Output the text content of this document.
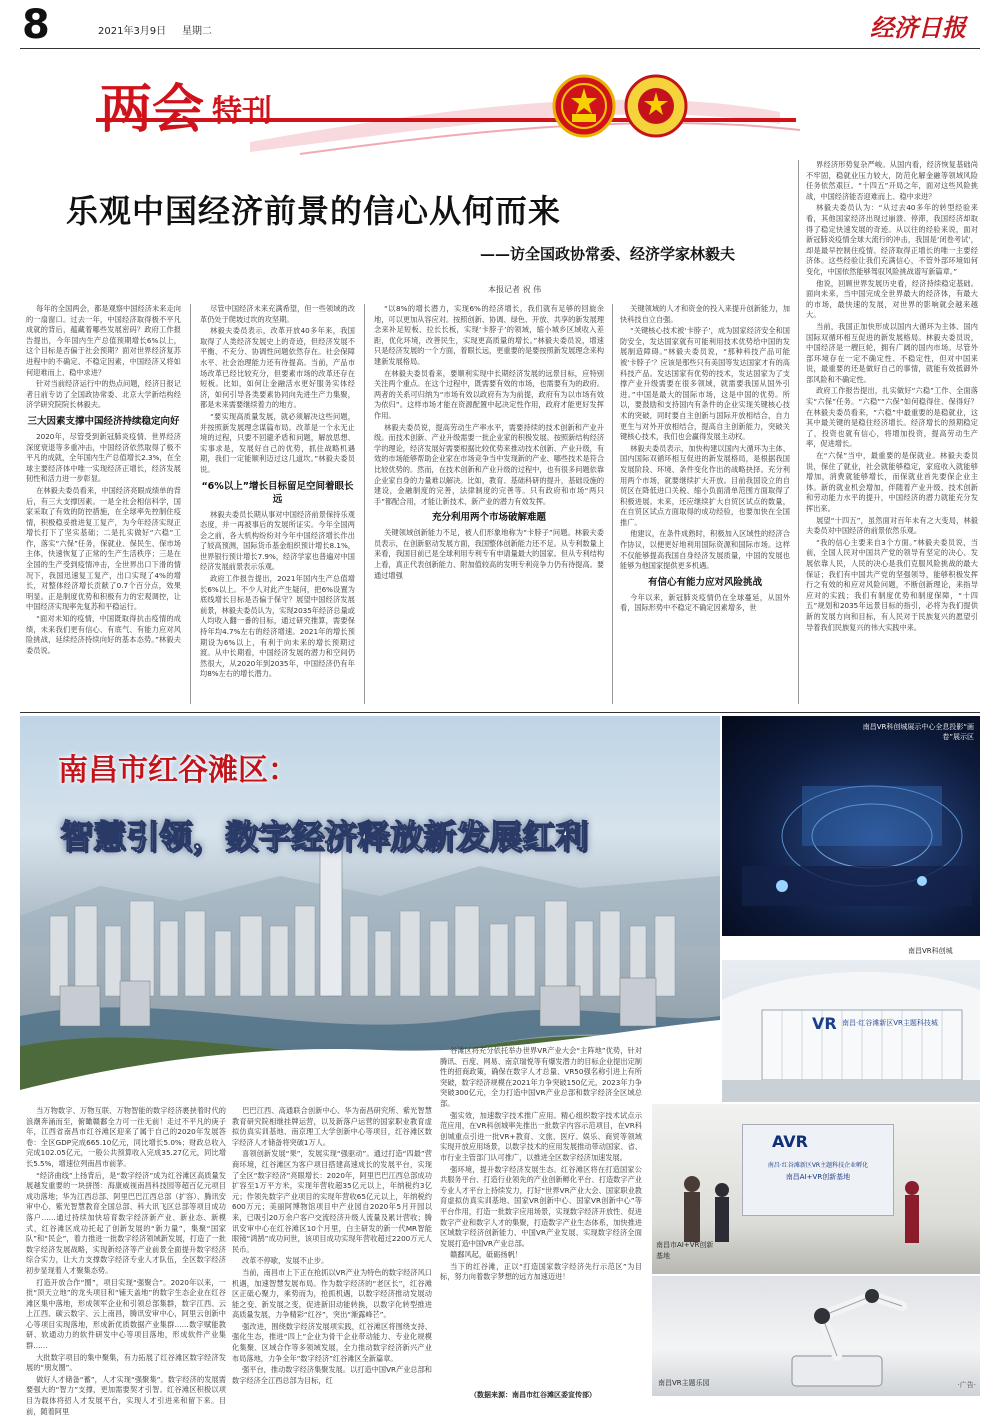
8	2021年3月9日 星期二	经济日报
两会 特刊
乐观中国经济前景的信心从何而来
——访全国政协常委、经济学家林毅夫
本报记者 祝 伟

每年的全国两会，都是观察中国经济未来走向的一扇窗口。过去一年，中国经济取得极不平凡成就的背后，蕴藏着哪些发展密码？政府工作报告提出，今年国内生产总值预期增长6%以上，这个目标是否偏于社会预期？面对世界经济复苏进程中的不确定、不稳定因素，中国经济又将如何迎难而上、稳中求进？

针对当前经济运行中的热点问题，经济日报记者日前专访了全国政协常委、北京大学新结构经济学研究院院长林毅夫。

三大因素支撑中国经济持续稳定向好

2020年，尽管受到新冠肺炎疫情、世界经济深度衰退等多重冲击，中国经济依然取得了极不平凡的成就，全年国内生产总值增长2.3%，在全球主要经济体中唯一实现经济正增长，经济发展韧性和活力进一步彰显。

在林毅夫委员看来，中国经济亮眼成绩单的背后，有三大支撑因素。一是全社会相信科学，国家采取了有效的防控措施，在全球率先控制住疫情，积极稳妥推进复工复产，为今年经济实现正增长打下了坚实基础；二是扎实做好“六稳”工作，落实“六保”任务，保就业、保民生、保市场主体，快速恢复了正常的生产生活秩序；三是在全国的生产受到疫情冲击，全世界出口下滑的情况下，我国迅速复工复产，出口实现了4%的增长，对整体经济增长贡献了0.7个百分点，效果明显。正是制度优势和积极有力的宏观调控，让中国经济实现率先复苏和平稳运行。

“面对未知的疫情，中国既取得抗击疫情的成绩，未来我们更有信心、有底气、有能力应对风险挑战，延续经济持续向好的基本态势。”林毅夫委员说。

尽管中国经济未来充满希望，但一些领域的改革仍处于爬坡过坎的攻坚期。

林毅夫委员表示，改革开放40多年来，我国取得了人类经济发展史上的奇迹，但经济发展不平衡、不充分、协调性问题依然存在。社会保障水平、社会治理能力还有待提高。当前，产品市场改革已经比较充分，但要素市场的改革还存在短板。比如，如何让金融活水更好服务实体经济，如何引导各类要素协同向先进生产力集聚，都是未来需要继续着力的地方。

“要实现高质量发展，就必须解决这些问题，并按照新发展理念谋篇布局。改革是一个永无止境的过程，只要不回避矛盾和问题，解放思想、实事求是，发展好自己的优势，抓住战略机遇期，我们一定能顺利迈过这几道坎。”林毅夫委员说。

“6%以上”增长目标留足空间着眼长远

林毅夫委员长期从事对中国经济前景保持乐观态度，并一再被事后的发展所证实。今年全国两会之前，各大机构纷纷对今年中国经济增长作出了较高预测，国际货币基金组织预计增长8.1%，世界银行预计增长7.9%，经济学家也普遍对中国经济发展前景表示乐观。

政府工作报告提出，2021年国内生产总值增长6%以上。不少人对此产生疑问，把6%设置为底线增长目标是否偏于保守？展望中国经济发展前景，林毅夫委员认为，实现2035年经济总量或人均收入翻一番的目标，通过研究推算，需要保持年均4.7%左右的经济增速。2021年的增长预期设为6%以上，有利于向未来的增长预期过渡。从中长期看，中国经济发展的潜力和空间仍然很大，从2020年到2035年，中国经济仍有年均8%左右的增长潜力。

“以8%的增长潜力，实现6%的经济增长，我们就有足够的回旋余地，可以更加从容应对。按照创新、协调、绿色、开放、共享的新发展理念来补足短板、拉长长板，实现‘卡脖子’的领域，缩小城乡区域收入差距，优化环境，改善民生，实现更高质量的增长。”林毅夫委员说，增速只是经济发展的一个方面，着眼长远，更重要的是要按照新发展理念来构建新发展格局。

在林毅夫委员看来，要顺利实现中长期经济发展的远景目标，应特别关注两个重点。在这个过程中，既需要有效的市场，也需要有为的政府。两者的关系可归纳为“市场有效以政府有为为前提，政府有为以市场有效为依归”。这样市场才能在资源配置中起决定性作用，政府才能更好发挥作用。

林毅夫委员说，提高劳动生产率水平，需要持续的技术创新和产业升级。而技术创新、产业升级需要一批企业家的积极发展。按照新结构经济学的理论，经济发展好需要根据比较优势来推动技术创新、产业升级，有效的市场能够帮助企业家在市场竞争当中发现新的产业、哪些技术是符合比较优势的。然而，在技术创新和产业升级的过程中，也有很多问题依靠企业家自身的力量难以解决。比如，教育、基础科研的提升，基础设施的建设，金融制度的完善，法律制度的完善等。只有政府和市场“两只手”都配合用，才能让新技术、新产业的潜力有效发挥。

充分利用两个市场破解难题

关键领域创新能力不足，被人们形象地称为“卡脖子”问题。林毅夫委员表示，在创新驱动发展方面，我国整体创新能力还不足。从专利数量上来看，我国目前已是全球利用专利专有申请量最大的国家。但从专利结构上看，真正代表创新能力、附加值较高的发明专利竞争力仍有待提高。要通过增强

关键领域的人才和资金的投入来提升创新能力，加快科技自立自强。

“关键核心技术被‘卡脖子’，成为国家经济安全和国防安全，发达国家就有可能利用技术优势给中国的发展制造障碍。”林毅夫委员说，“那种科技产品可能被‘卡脖子’？应该是那些只有美国等发达国家才有的高科技产品。发达国家有优势的技术，发达国家为了支撑产业升级需要在很多领域，就需要我国从国外引进。”中国是最大的国际市场，这是中国的优势。所以，要鼓励和支持国内有条件的企业实现关键核心技术的突破，同时要自主创新与国际开放相结合，自力更生与对外开放相结合，提高自主创新能力，突破关键核心技术，我们也会赢得发展主动权。

林毅夫委员表示，加快构建以国内大循环为主体、国内国际双循环相互促进的新发展格局，是根据我国发展阶段、环境、条件变化作出的战略抉择。充分利用两个市场，就要继续扩大开放。目前我国设立的自贸区在降低进口关税、缩小负面清单范围方面取得了积极进展。未来，还应继续扩大自贸区试点的数量，在自贸区试点方面取得的成功经验，也要加快在全国推广。

他建议，在条件成熟时，积极加入区域性的经济合作协议，以便更好地利用国际资源和国际市场。这样不仅能够提高我国自身经济发展质量，中国的发展也能够为他国家提供更多机遇。

有信心有能力应对风险挑战

今年以来，新冠肺炎疫情仍在全球蔓延，从国外看，国际形势中不稳定不确定因素增多，世

界经济形势复杂严峻。从国内看，经济恢复基础尚不牢固，稳就业压力较大，防范化解金融等领域风险任务依然艰巨。“十四五”开局之年，面对这些风险挑战，中国经济能否迎难而上、稳中求进？

林毅夫委员认为：“从过去40多年的转型经验来看，其他国家经济出现过崩溃、停滞，我国经济却取得了稳定快速发展的奇迹。从以往的经验来说，面对新冠肺炎疫情全球大流行的冲击，我国是‘闭卷考试’，却是最早控制住疫情、经济取得正增长的唯一主要经济体。这些经验让我们充满信心，不管外部环境如何变化，中国依然能够驾驭风险挑战谱写新篇章。”

他说，回顾世界发展历史看，经济持续稳定基础。面向未来，当中国完成全世界最大的经济体，有最大的市场，最快速的发展，对世界的影响就会越来越大。

当前，我国正加快形成以国内大循环为主体、国内国际双循环相互促进的新发展格局。林毅夫委员说，中国经济是一艘巨轮，拥有广阔的国内市场。尽管外部环境存在一定不确定性、不稳定性，但对中国来说，最重要的还是做好自己的事情，就能有效抵御外部风险和不确定性。

政府工作报告提出，扎实做好“六稳”工作、全面落实“六保”任务。“六稳”“六保”如何稳得住、保得好？在林毅夫委员看来，“六稳”中最重要的是稳就业，这其中最关键的是稳住经济增长。经济增长的预期稳定了，投资也就有信心，将增加投资，提高劳动生产率，促进增长。

在“六保”当中，最重要的是保就业。林毅夫委员说，保住了就业，社会就能够稳定，家庭收入就能够增加，消费就能够增长，而保就业首先要保企业主体。新的就业机会增加，伴随着产业升级、技术创新和劳动能力水平的提升，中国经济的潜力就能充分发挥出来。

展望“十四五”，虽然面对百年未有之大变局，林毅夫委员对中国经济的前景依然乐观。

“我的信心主要来自3个方面。”林毅夫委员说，当前，全国人民对中国共产党的领导有坚定的决心、发展依靠人民，人民的决心是我们克服风险挑战的最大保证；我们有中国共产党的坚强领导，能够积极发挥行之有效的和应对风险问题，不断创新理论，来指导应对的实践；我们有制度优势和制度保障，“十四五”规划和2035年远景目标的指引，必将为我们提供新的发展方向和目标，有人民对于民族复兴的愿望引导着我们民族复兴的伟大实践中来。

南昌市红谷滩区：
智慧引领，数字经济释放新发展红利
南昌VR科创城展示中心全息投影“画卷”展示区
南昌VR科创城
VR 南昌·红谷滩新区VR主题科技城
AVR
南昌·红谷滩新区VR主题科技企业孵化
南昌AI+VR创新基地
南昌市AI+VR创新基地
南昌VR主题乐园	·广告·

当万物数字、万物互联、万物智能的数字经济裹挟着时代的浪潮奔涌而至，俯瞰赣鄱全力可一往无前！走过不平凡的庚子年，江西省南昌市红谷滩区迎来了属于自己的2020年发展答卷：全区GDP完成665.10亿元，同比增长5.0%；财政总收入完成102.05亿元，一般公共预算收入完成35.27亿元，同比增长5.5%，增速位列南昌市前茅。

“经济曲线”上扬背后，是“数字经济”成为红谷滩区高质量发展越发重要的一块拼图：海康威视南昌科技园等超百亿元项目成功落地；华为江西总部、阿里巴巴江西总部（扩容）、腾讯安审中心、紫光智慧教育全国总部、科大讯飞区总部等项目成功落户……通过持续加快培育数字经济新产业、新业态、新模式，红谷滩区成功托起了创新发展的“新力量”，集聚“国家队”和“民企”，着力推进一批数字经济领域新发展，打造了一批数字经济发展战略，实现新经济等产业前景全面提升数字经济综合实力，让大力支撑数字经济专业人才队伍，全区数字经济初步显现着人才聚集态势。

打造开放合作“圈”，项目实现“强聚合”。2020年以来，一批“顶天立地”的龙头项目和“铺天盖地”的数字生态企业在红谷滩区集中落地，形成领军企业和引领总部集群，数字江西、云上江西、碳云数字、云上南昌，腾讯安审中心，阿里云创新中心等项目实现落地，形成新优质数据产业集群……数字赋能教研、软通动力的软件研发中心等项目落地，形成软件产业集群……

大批数字项目的集中聚集，有力拓展了红谷滩区数字经济发展的“朋友圈”。

做好人才储备“蓄”，人才实现“强聚集”。数字经济的发展需要强大的“智力”支撑，更加需要契才引智。红谷滩区积极以项目为载体将招人才发展平台，实现人才引进来和留下来。目前，随着阿里

巴巴江西、高通联合创新中心、华为南昌研究所、紫光智慧教育研究院相继挂牌运营，以及新落户运营的国家职业教育虚拟仿真实训基地、南京理工大学创新中心等项目，红谷滩区数字经济人才储备将突破1万人。

喜领创新发展“果”，发展实现“强驱动”。通过打造“四最”营商环境，红谷滩区为客户项目搭建高速成长的发展平台，实现了全区“数字经济”亮眼增长：2020年，阿里巴巴江西总部成功扩容至1万平方米，实现年营收超35亿元以上，年纳税约3亿元；作领先数字产业项目的实现年营收65亿元以上，年纳税约600万元；美丽阿博物馆项目中产业园自2020年5月开园以来，已吸引20万余户客户交流经济升级人流量及累计营收；腾讯安审中心在红谷滩区10个月里，白主研发的新一代MR智能眼镜“鸿鹄”成功问世，该项目成功实现年营收超过2200万元人民币。

改革不停歇，发展不止步。

当前，南昌市上下正在抢抓以VR产业为特色的数字经济风口机遇，加速智慧发展布局。作为数字经济的“老区长”，红谷滩区正砥心聚力，乘势而为，抢抓机遇，以数字经济推动发展动能之变、新发展之变，促进新旧动能转换，以数字化转型推进高质量发展，力争精彩“红谷”，突出“渐露峰芒”。

强改进，围绕数字经济发展项实践，红谷滩区将围绕支持、强化生态，推进“四上”企业为骨干企业带动能力、专业化规模化集聚、区域合作等多领域发展，全力推动数字经济新兴产业布局落地，力争全年“数字经济”红谷滩区全新篇章。

强平台，推动数字经济集聚发展。以打造中国VR产业总部和数字经济全江西总部为目标，红

谷滩区将充分依托举办世界VR产业大会“主阵地”优势，针对腾讯、百度、网易、南京瑞悦等有爆发潜力的目标企业提出定制性的招商政策，确保在数字人才总量、VR50强名称引进上有所突破，数字经济规模在2021年力争突破150亿元，2023年力争突破300亿元，全力打造中国VR产业总部和数字经济全区域总部。

强实效，加速数字技术推广应用。精心组织数字技术试点示范应用，在VR科创城率先推出一批数字内容示范项目，在VR科创城重点引进一批VR+教育、文旅、医疗、娱乐、商贸等领域实现开放应用场景，以数字技术的应用发展推动带动国家、省、市行业主管部门认可推广，以推进全区数字经济加速发展。

强环境，提升数字经济发展生态。红谷滩区将在打造国家公共服务平台、打造行业领先的产业创新孵化平台、打造数字产业专业人才平台上持续发力，打好“世界VR产业大会、国家职业教育虚拟仿真实训基地、国家VR创新中心、国家VR创新中心”等平台作用，打造一批数字应用场景，实现数字经济开放性、促进数字产业和数字人才的集聚，打造数字产业生态体系，加快推进区域数字经济创新能力、中国VR产业发展、实现数字经济全面发展打造中国VR产业总部。

赣鄱风起，砥砺扬帆！

当下的红谷滩，正以“打造国家数字经济先行示范区”为目标，努力向着数字梦想的远方加速迈进！

（数据来源：南昌市红谷滩区委宣传部）
